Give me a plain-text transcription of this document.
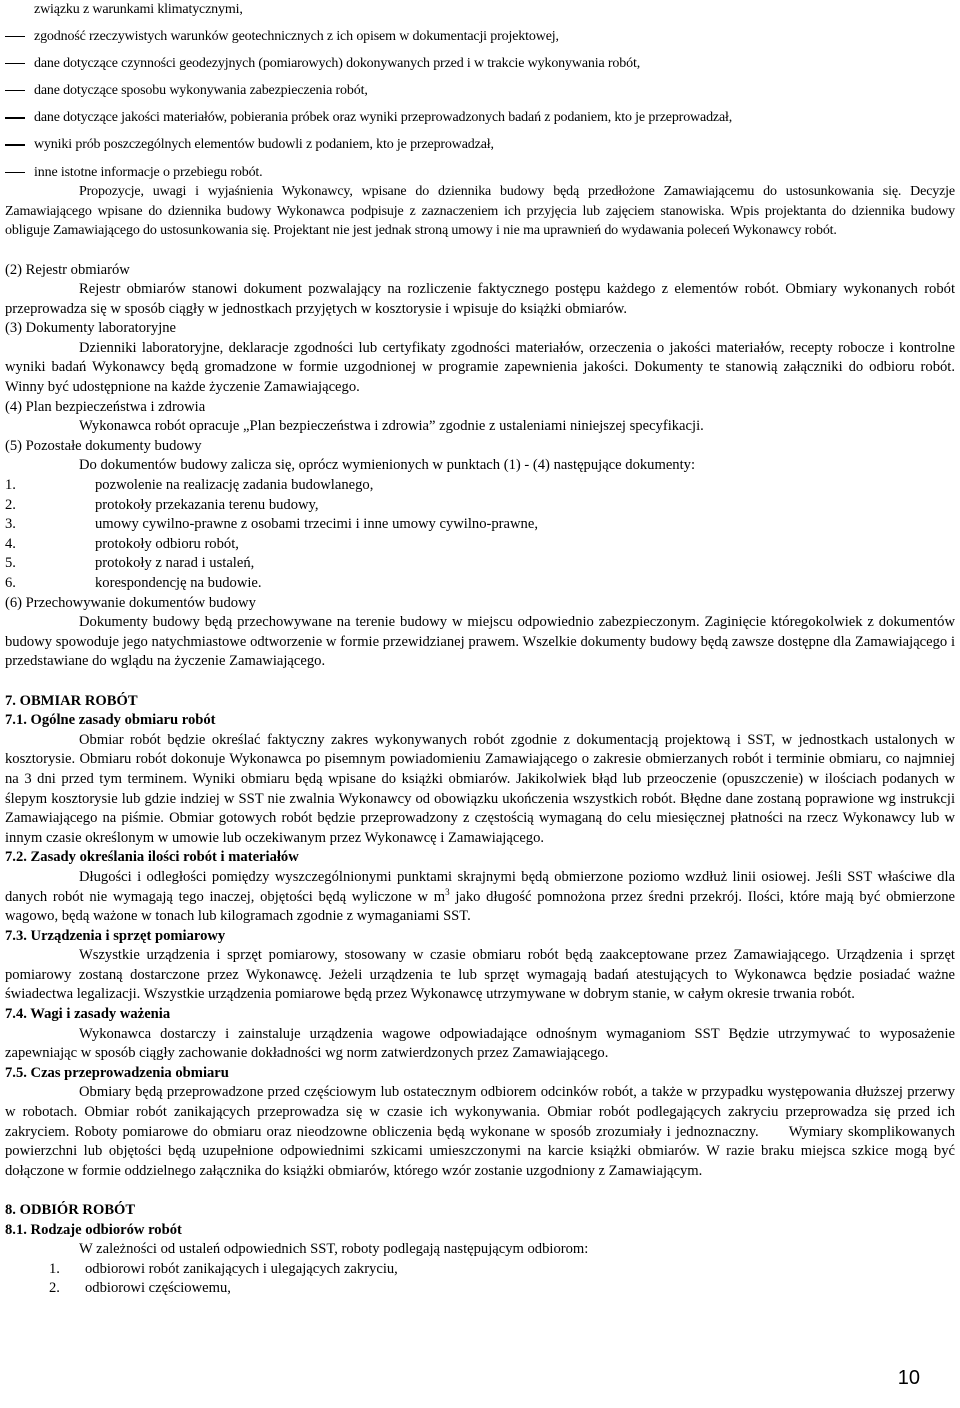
związku z warunkami klimatycznymi,
zgodność rzeczywistych warunków geotechnicznych z ich opisem w dokumentacji projektowej,
dane dotyczące czynności geodezyjnych (pomiarowych) dokonywanych przed i w trakcie wykonywania robót,
dane dotyczące sposobu wykonywania zabezpieczenia robót,
dane dotyczące jakości materiałów, pobierania próbek oraz wyniki przeprowadzonych badań z podaniem, kto je przeprowadzał,
wyniki prób poszczególnych elementów budowli z podaniem, kto je przeprowadzał,
inne istotne informacje o przebiegu robót.

Propozycje, uwagi i wyjaśnienia Wykonawcy, wpisane do dziennika budowy będą przedłożone Zamawiającemu do ustosunkowania się. Decyzje Zamawiającego wpisane do dziennika budowy Wykonawca podpisuje z zaznaczeniem ich przyjęcia lub zajęciem stanowiska. Wpis projektanta do dziennika budowy obliguje Zamawiającego do ustosunkowania się. Projektant nie jest jednak stroną umowy i nie ma uprawnień do wydawania poleceń Wykonawcy robót.

(2) Rejestr obmiarów

Rejestr obmiarów stanowi dokument pozwalający na rozliczenie faktycznego postępu każdego z elementów robót. Obmiary wykonanych robót przeprowadza się w sposób ciągły w jednostkach przyjętych w kosztorysie i wpisuje do książki obmiarów.

(3) Dokumenty laboratoryjne

Dzienniki laboratoryjne, deklaracje zgodności lub certyfikaty zgodności materiałów, orzeczenia o jakości materiałów, recepty robocze i kontrolne wyniki badań Wykonawcy będą gromadzone w formie uzgodnionej w programie zapewnienia jakości. Dokumenty te stanowią załączniki do odbioru robót. Winny być udostępnione na każde życzenie Zamawiającego.

(4) Plan bezpieczeństwa i zdrowia

Wykonawca robót opracuje „Plan bezpieczeństwa i zdrowia” zgodnie z ustaleniami niniejszej specyfikacji.

(5) Pozostałe dokumenty budowy

Do dokumentów budowy zalicza się, oprócz wymienionych w punktach (1) - (4) następujące dokumenty:

1.	pozwolenie na realizację zadania budowlanego,
2.	protokoły przekazania terenu budowy,
3.	umowy cywilno-prawne z osobami trzecimi i inne umowy cywilno-prawne,
4.	protokoły odbioru robót,
5.	protokoły z narad i ustaleń,
6.	korespondencję na budowie.

(6) Przechowywanie dokumentów budowy

Dokumenty budowy będą przechowywane na terenie budowy w miejscu odpowiednio zabezpieczonym. Zaginięcie któregokolwiek z dokumentów budowy spowoduje jego natychmiastowe odtworzenie w formie przewidzianej prawem. Wszelkie dokumenty budowy będą zawsze dostępne dla Zamawiającego i przedstawiane do wglądu na życzenie Zamawiającego.

7. OBMIAR ROBÓT

7.1. Ogólne zasady obmiaru robót

Obmiar robót będzie określać faktyczny zakres wykonywanych robót zgodnie z dokumentacją projektową i SST, w jednostkach ustalonych w kosztorysie. Obmiaru robót dokonuje Wykonawca po pisemnym powiadomieniu Zamawiającego o zakresie obmierzanych robót i terminie obmiaru, co najmniej na 3 dni przed tym terminem. Wyniki obmiaru będą wpisane do książki obmiarów. Jakikolwiek błąd lub przeoczenie (opuszczenie) w ilościach podanych w ślepym kosztorysie lub gdzie indziej w SST nie zwalnia Wykonawcy od obowiązku ukończenia wszystkich robót. Błędne dane zostaną poprawione wg instrukcji Zamawiającego na piśmie. Obmiar gotowych robót będzie przeprowadzony z częstością wymaganą do celu miesięcznej płatności na rzecz Wykonawcy lub w innym czasie określonym w umowie lub oczekiwanym przez Wykonawcę i Zamawiającego.

7.2. Zasady określania ilości robót i materiałów

Długości i odległości pomiędzy wyszczególnionymi punktami skrajnymi będą obmierzone poziomo wzdłuż linii osiowej. Jeśli SST właściwe dla danych robót nie wymagają tego inaczej, objętości będą wyliczone w $m^3$ jako długość pomnożona przez średni przekrój. Ilości, które mają być obmierzone wagowo, będą ważone w tonach lub kilogramach zgodnie z wymaganiami SST.

7.3. Urządzenia i sprzęt pomiarowy

Wszystkie urządzenia i sprzęt pomiarowy, stosowany w czasie obmiaru robót będą zaakceptowane przez Zamawiającego. Urządzenia i sprzęt pomiarowy zostaną dostarczone przez Wykonawcę. Jeżeli urządzenia te lub sprzęt wymagają badań atestujących to Wykonawca będzie posiadać ważne świadectwa legalizacji. Wszystkie urządzenia pomiarowe będą przez Wykonawcę utrzymywane w dobrym stanie, w całym okresie trwania robót.

7.4. Wagi i zasady ważenia

Wykonawca dostarczy i zainstaluje urządzenia wagowe odpowiadające odnośnym wymaganiom SST Będzie utrzymywać to wyposażenie zapewniając w sposób ciągły zachowanie dokładności wg norm zatwierdzonych przez Zamawiającego.

7.5. Czas przeprowadzenia obmiaru

Obmiary będą przeprowadzone przed częściowym lub ostatecznym odbiorem odcinków robót, a także w przypadku występowania dłuższej przerwy w robotach. Obmiar robót zanikających przeprowadza się w czasie ich wykonywania. Obmiar robót podlegających zakryciu przeprowadza się przed ich zakryciem. Roboty pomiarowe do obmiaru oraz nieodzowne obliczenia będą wykonane w sposób zrozumiały i jednoznaczny.      Wymiary skomplikowanych powierzchni lub objętości będą uzupełnione odpowiednimi szkicami umieszczonymi na karcie książki obmiarów. W razie braku miejsca szkice mogą być dołączone w formie oddzielnego załącznika do książki obmiarów, którego wzór zostanie uzgodniony z Zamawiającym.

8. ODBIÓR ROBÓT

8.1. Rodzaje odbiorów robót

W zależności od ustaleń odpowiednich SST, roboty podlegają następującym odbiorom:

1.	odbiorowi robót zanikających i ulegających zakryciu,
2.	odbiorowi częściowemu,
10
